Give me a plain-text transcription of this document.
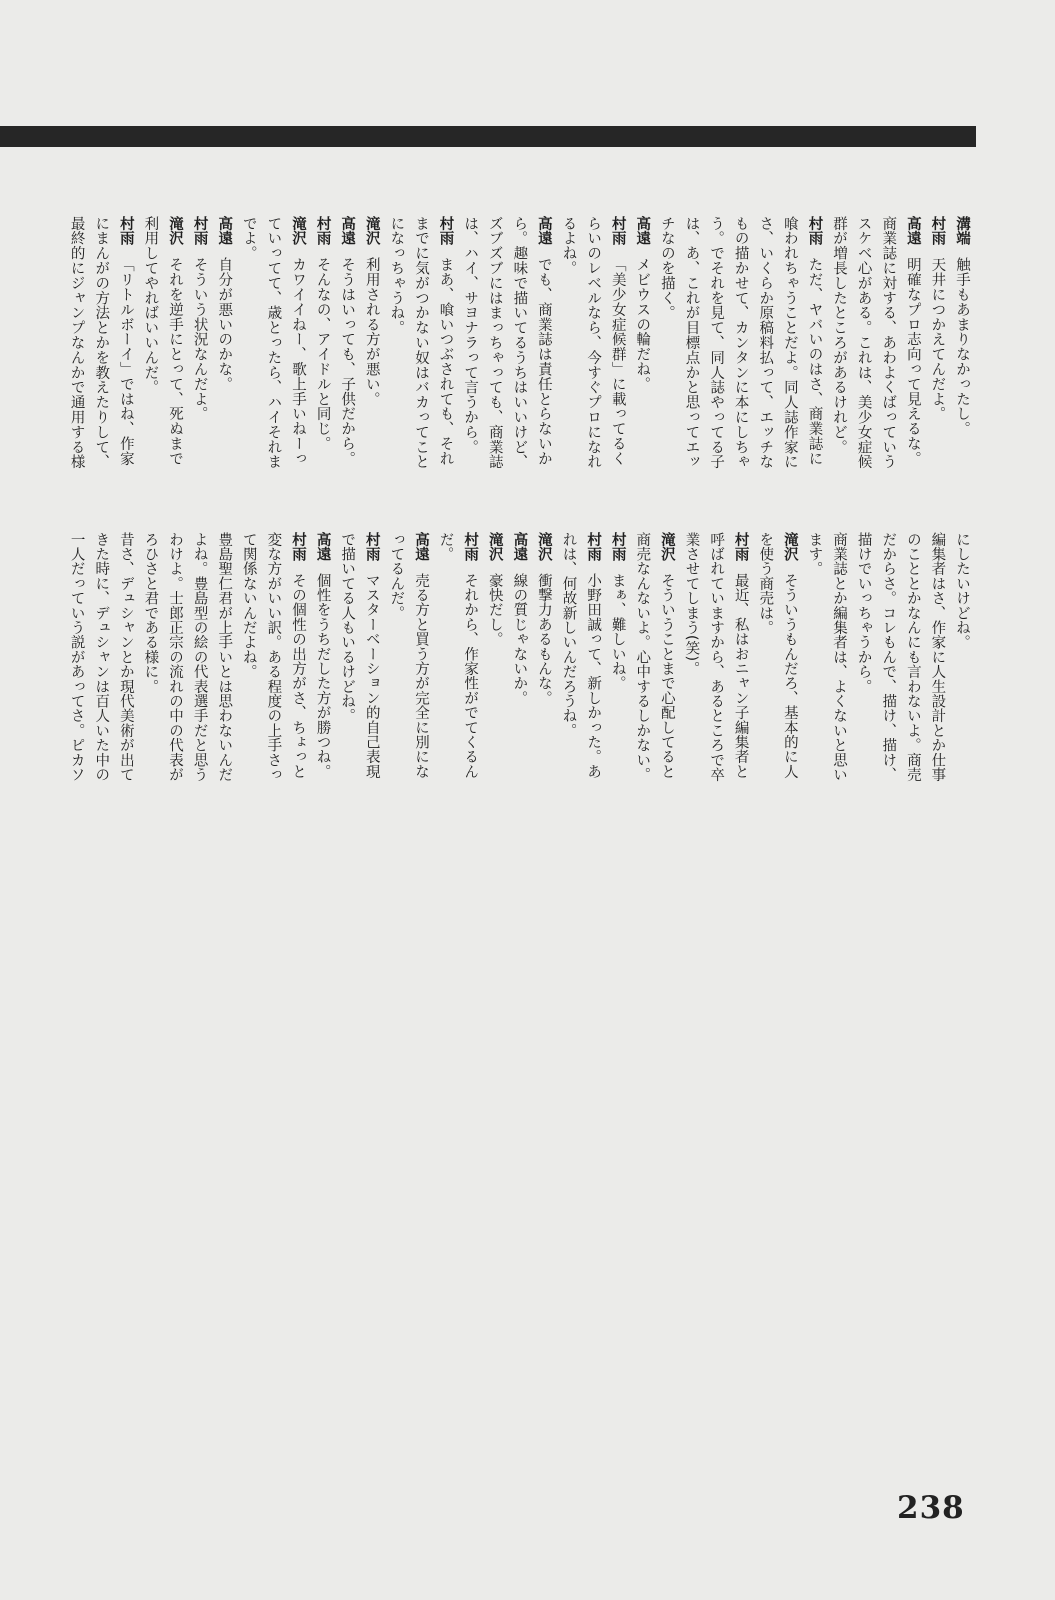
溝端触手もあまりなかったし。
村雨天井につかえてんだよ。
高遠明確なプロ志向って見えるな。
商業誌に対する、あわよくばっていう
スケベ心がある。これは、美少女症候
群が増長したところがあるけれど。
村雨ただ、ヤバいのはさ、商業誌に
喰われちゃうことだよ。同人誌作家に
さ、いくらか原稿料払って、エッチな
もの描かせて、カンタンに本にしちゃ
う。でそれを見て、同人誌やってる子
は、あ、これが目標点かと思ってエッ
チなのを描く。
高遠メビウスの輪だね。
村雨「美少女症候群」に載ってるく
らいのレベルなら、今すぐプロになれ
るよね。
高遠でも、商業誌は責任とらないか
ら。趣味で描いてるうちはいいけど、
ズブズブにはまっちゃっても、商業誌
は、ハイ、サヨナラって言うから。
村雨まあ、喰いつぶされても、それ
までに気がつかない奴はバカってこと
になっちゃうね。
滝沢利用される方が悪い。
高遠そうはいっても、子供だから。
村雨そんなの、アイドルと同じ。
滝沢カワイイねー、歌上手いねーっ
ていってて、歳とったら、ハイそれま
でよ。
高遠自分が悪いのかな。
村雨そういう状況なんだよ。
滝沢それを逆手にとって、死ぬまで
利用してやればいいんだ。
村雨「リトルボーイ」ではね、作家
にまんがの方法とかを教えたりして、
最終的にジャンプなんかで通用する様
にしたいけどね。
編集者はさ、作家に人生設計とか仕事
のこととかなんにも言わないよ。商売
だからさ。コレもんで、描け、描け、
描けでいっちゃうから。
商業誌とか編集者は、よくないと思い
ます。
滝沢そういうもんだろ、基本的に人
を使う商売は。
村雨最近、私はおニャン子編集者と
呼ばれていますから、あるところで卒
業させてしまう(笑)。
滝沢そういうことまで心配してると
商売なんないよ。心中するしかない。
村雨まぁ、難しいね。
村雨小野田誠って、新しかった。あ
れは、何故新しいんだろうね。
滝沢衝撃力あるもんな。
高遠線の質じゃないか。
滝沢豪快だし。
村雨それから、作家性がでてくるん
だ。
高遠売る方と買う方が完全に別にな
ってるんだ。
村雨マスターベーション的自己表現
で描いてる人もいるけどね。
高遠個性をうちだした方が勝つね。
村雨その個性の出方がさ、ちょっと
変な方がいい訳。ある程度の上手さっ
て関係ないんだよね。
豊島聖仁君が上手いとは思わないんだ
よね。豊島型の絵の代表選手だと思う
わけよ。士郎正宗の流れの中の代表が
ろひさと君である様に。
昔さ、デュシャンとか現代美術が出て
きた時に、デュシャンは百人いた中の
一人だっていう説があってさ。ピカソ
238
